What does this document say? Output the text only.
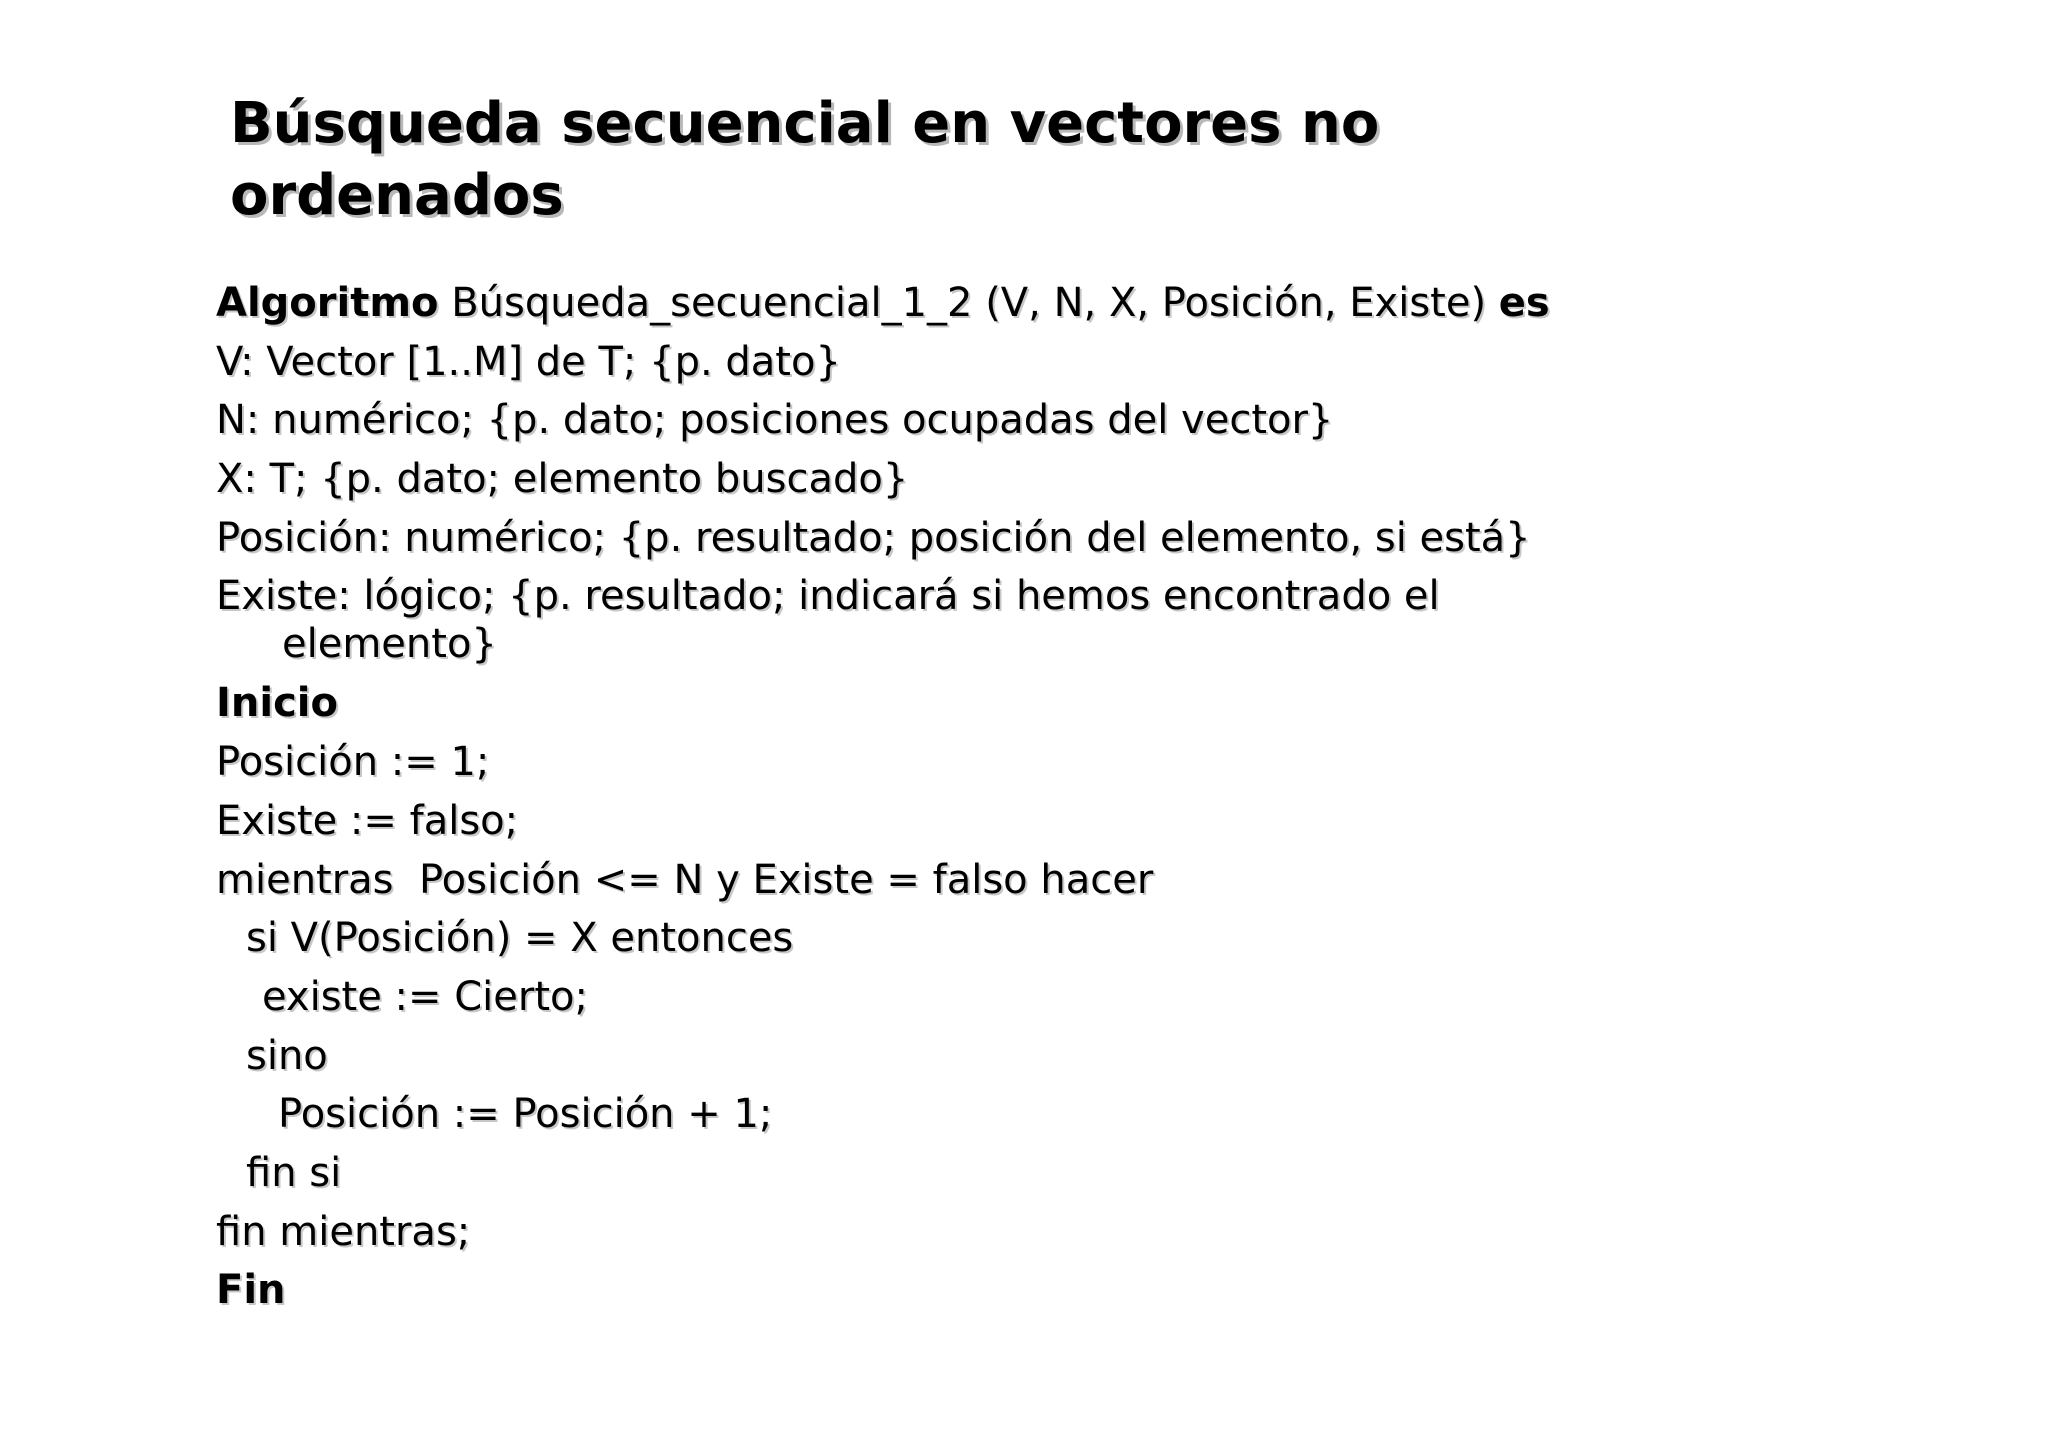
Búsqueda secuencial en vectores no
ordenados
Algoritmo Búsqueda_secuencial_1_2 (V, N, X, Posición, Existe) es
V: Vector [1..M] de T; {p. dato}
N: numérico; {p. dato; posiciones ocupadas del vector}
X: T; {p. dato; elemento buscado}
Posición: numérico; {p. resultado; posición del elemento, si está}
Existe: lógico; {p. resultado; indicará si hemos encontrado el
elemento}
Inicio
Posición := 1;
Existe := falso;
mientras  Posición <= N y Existe = falso hacer
si V(Posición) = X entonces
existe := Cierto;
sino
Posición := Posición + 1;
fin si
fin mientras;
Fin
